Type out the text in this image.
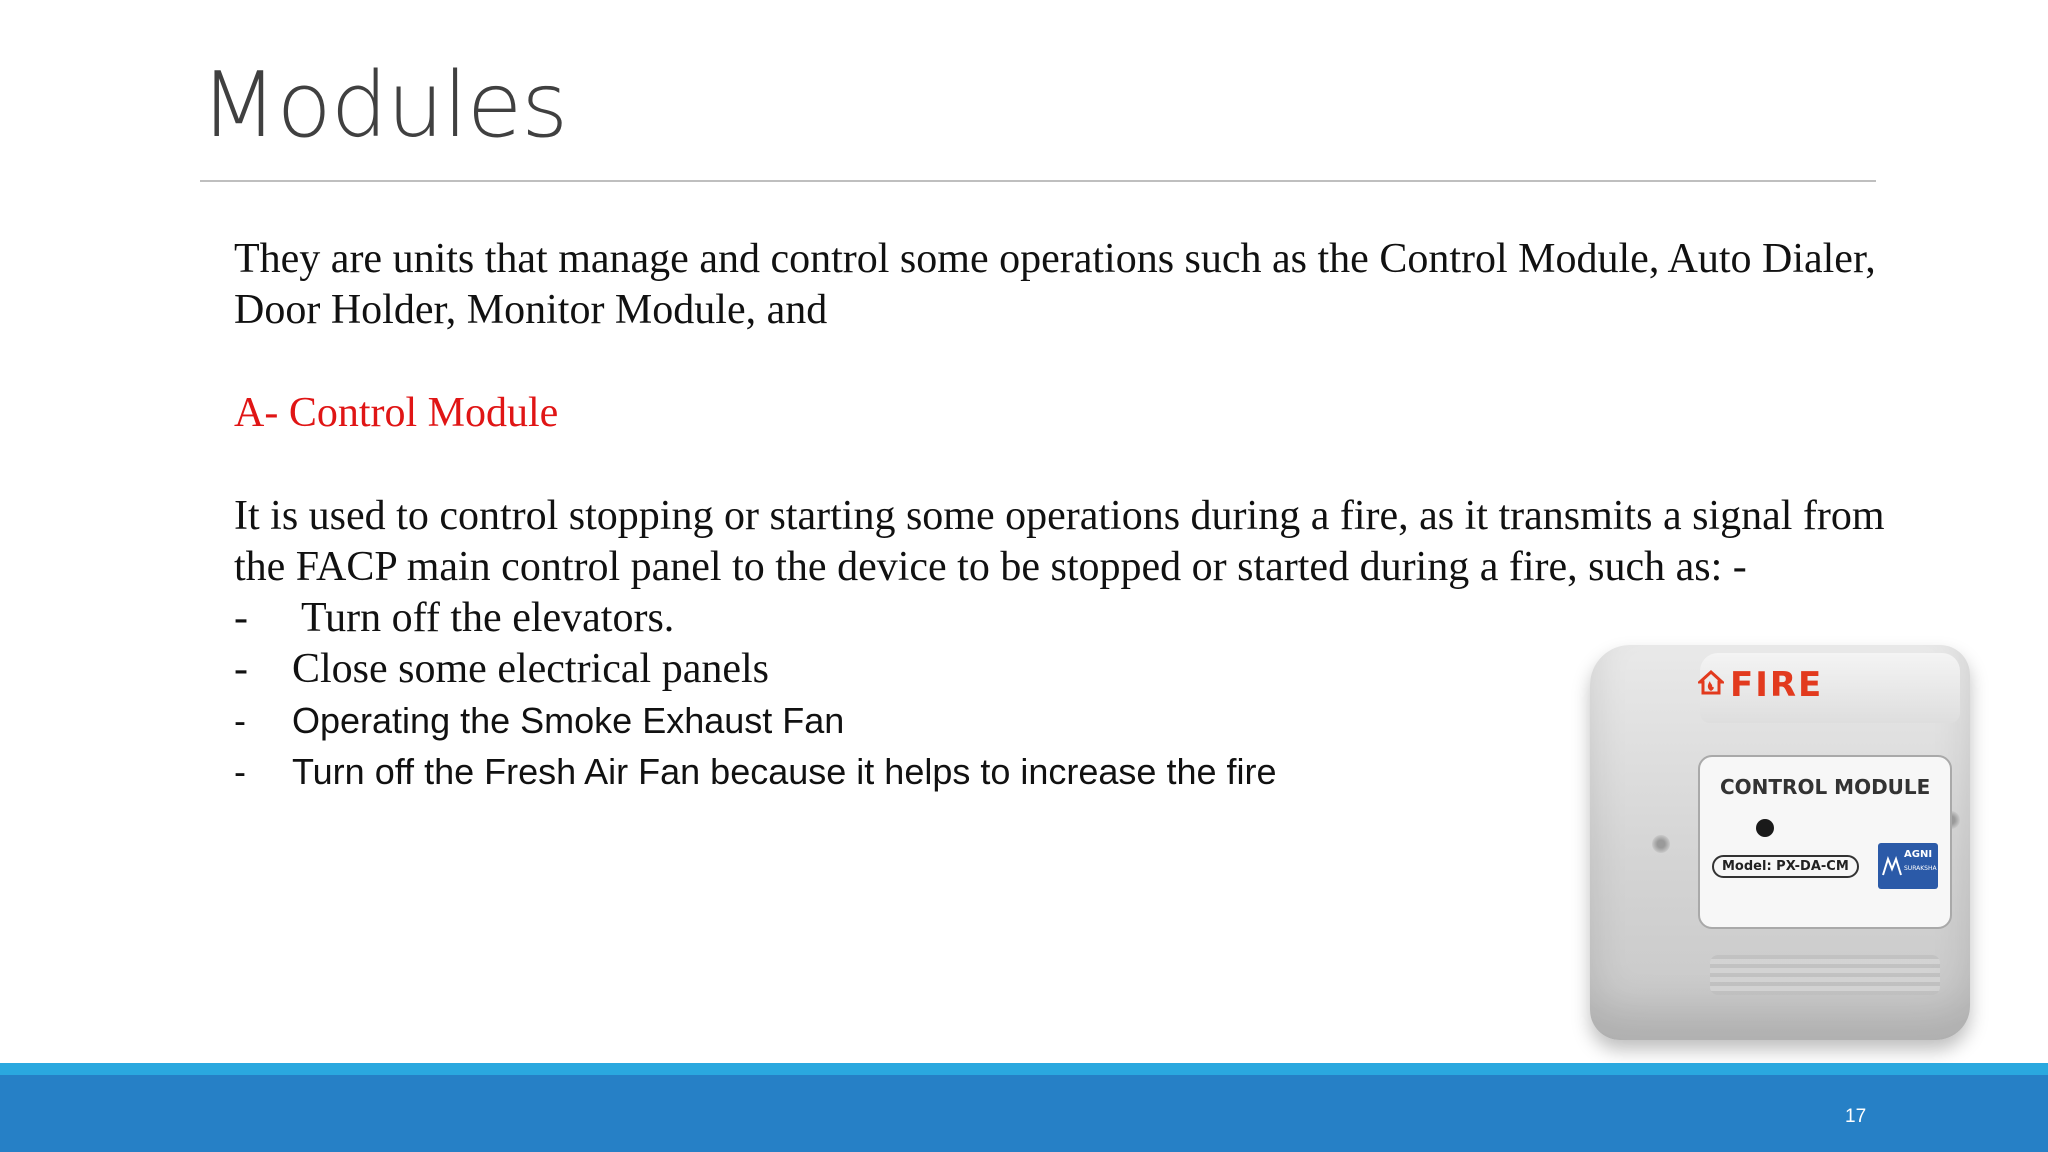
Modules

They are units that manage and control some operations such as the Control Module, Auto Dialer, Door Holder, Monitor Module, and

A- Control Module

It is used to control stopping or starting some operations during a fire, as it transmits a signal from the FACP main control panel to the device to be stopped or started during a fire, such as: -

-	Turn off the elevators.
-	Close some electrical panels
-	Operating the Smoke Exhaust Fan
-	Turn off the Fresh Air Fan because it helps to increase the fire
FIRE
CONTROL MODULE
Model: PX-DA-CM
AGNI
SURAKSHA
17
